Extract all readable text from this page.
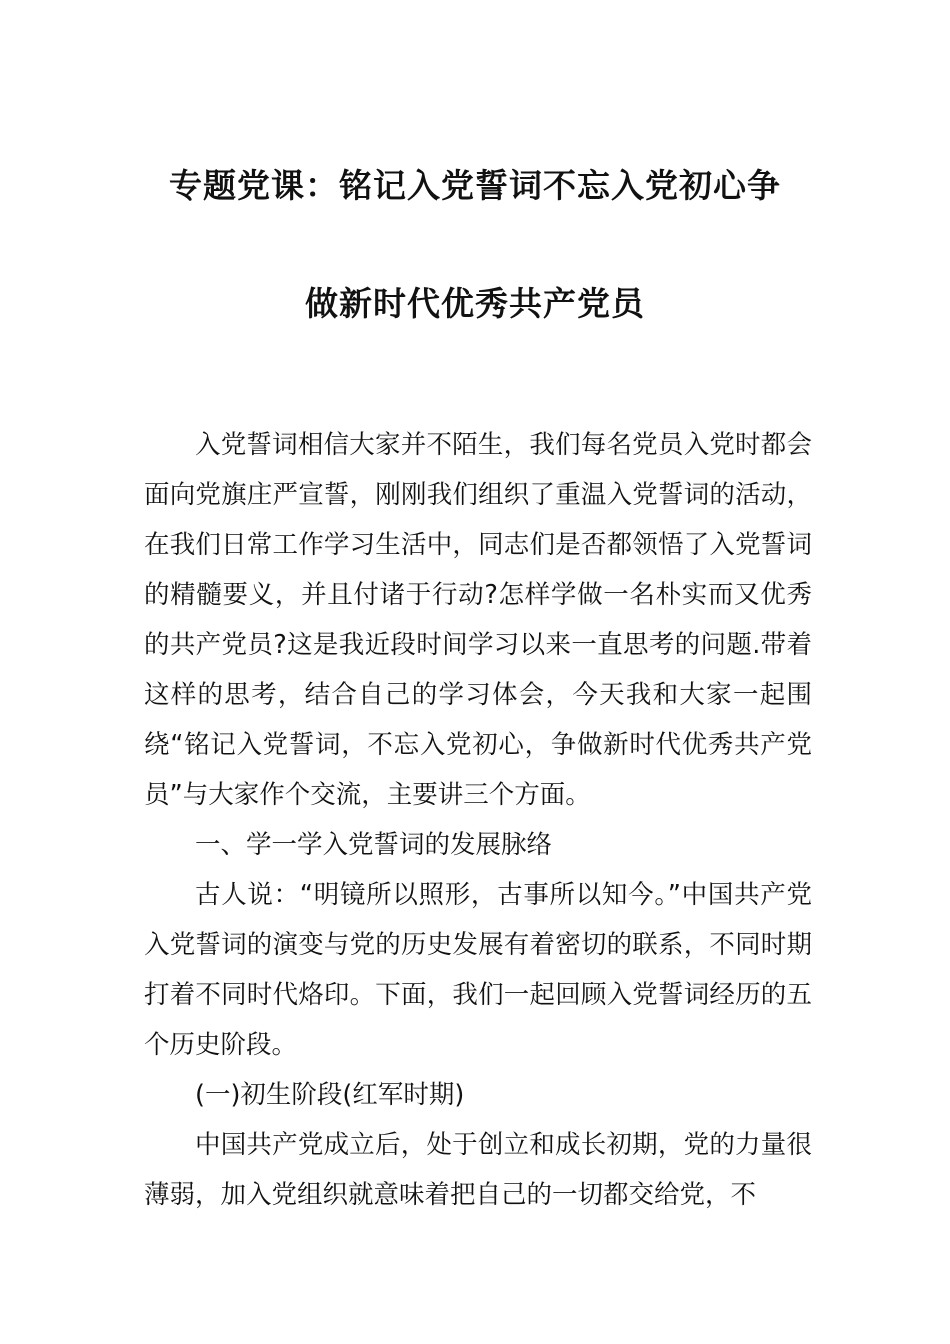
专题党课：铭记入党誓词不忘入党初心争
做新时代优秀共产党员

入党誓词相信大家并不陌生，我们每名党员入党时都会面向党旗庄严宣誓，刚刚我们组织了重温入党誓词的活动，在我们日常工作学习生活中，同志们是否都领悟了入党誓词的精髓要义，并且付诸于行动?怎样学做一名朴实而又优秀的共产党员?这是我近段时间学习以来一直思考的问题.带着这样的思考，结合自己的学习体会，今天我和大家一起围绕“铭记入党誓词，不忘入党初心，争做新时代优秀共产党员”与大家作个交流，主要讲三个方面。

一、学一学入党誓词的发展脉络

古人说：“明镜所以照形，古事所以知今。”中国共产党入党誓词的演变与党的历史发展有着密切的联系，不同时期打着不同时代烙印。下面，我们一起回顾入党誓词经历的五个历史阶段。

(一)初生阶段(红军时期)

中国共产党成立后，处于创立和成长初期，党的力量很薄弱，加入党组织就意味着把自己的一切都交给党，不
